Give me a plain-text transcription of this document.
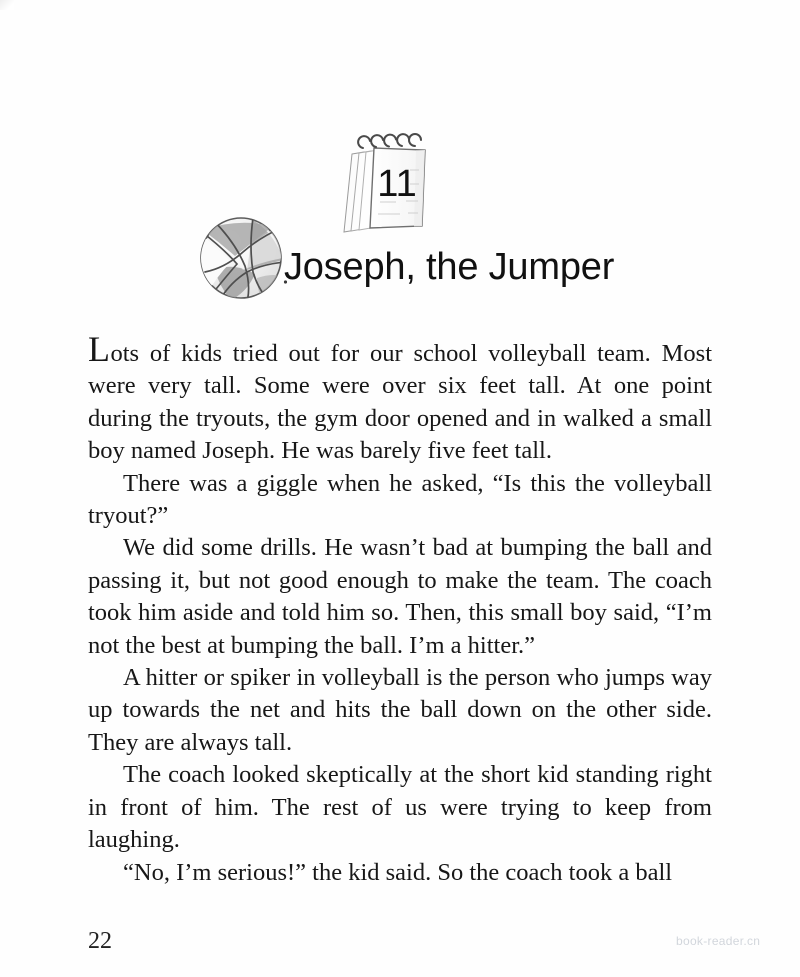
11
Joseph, the Jumper

Lots of kids tried out for our school volleyball team. Most were very tall. Some were over six feet tall. At one point during the tryouts, the gym door opened and in walked a small boy named Joseph. He was barely five feet tall.

There was a giggle when he asked, “Is this the volleyball tryout?”

We did some drills. He wasn’t bad at bumping the ball and passing it, but not good enough to make the team. The coach took him aside and told him so. Then, this small boy said, “I’m not the best at bumping the ball. I’m a hitter.”

A hitter or spiker in volleyball is the person who jumps way up towards the net and hits the ball down on the other side. They are always tall.

The coach looked skeptically at the short kid standing right in front of him. The rest of us were trying to keep from laughing.

“No, I’m serious!” the kid said. So the coach took a ball

22	book-reader.cn
